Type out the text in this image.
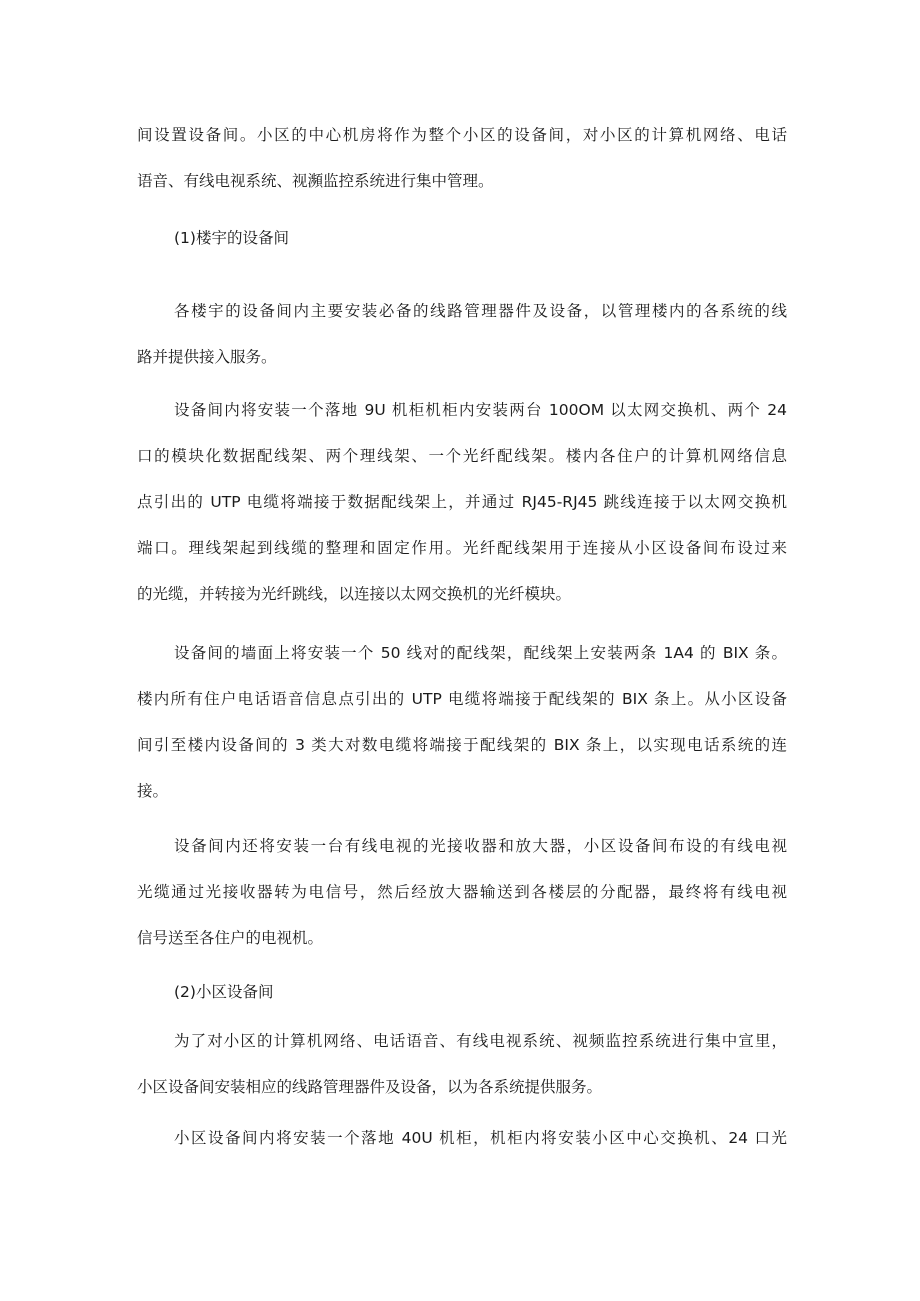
间设置设备间。小区的中心机房将作为整个小区的设备间，对小区的计算机网络、电话
语音、有线电视系统、视瀕监控系统进行集中管理。
(1)楼宇的设备间
各楼宇的设备间内主要安装必备的线路管理器件及设备，以管理楼内的各系统的线
路并提供接入服务。
设备间内将安装一个落地 9U 机柜机柜内安装两台 100OM 以太网交换机、两个 24
口的模块化数据配线架、两个理线架、一个光纤配线架。楼内各住户的计算机网络信息
点引出的 UTP 电缆将端接于数据配线架上，并通过 RJ45-RJ45 跳线连接于以太网交换机
端口。理线架起到线缆的整理和固定作用。光纤配线架用于连接从小区设备间布设过来
的光缆，并转接为光纤跳线，以连接以太网交换机的光纤模块。
设备间的墙面上将安装一个 50 线对的配线架，配线架上安装两条 1A4 的 BIX 条。
楼内所有住户电话语音信息点引出的 UTP 电缆将端接于配线架的 BIX 条上。从小区设备
间引至楼内设备间的 3 类大对数电缆将端接于配线架的 BIX 条上，以实现电话系统的连
接。
设备间内还将安装一台有线电视的光接收器和放大器，小区设备间布设的有线电视
光缆通过光接收器转为电信号，然后经放大器输送到各楼层的分配器，最终将有线电视
信号送至各住户的电视机。
(2)小区设备间
为了对小区的计算机网络、电话语音、有线电视系统、视频监控系统进行集中宣里，
小区设备间安装相应的线路管理器件及设备，以为各系统提供服务。
小区设备间内将安装一个落地 40U 机柜，机柜内将安装小区中心交换机、24 口光
